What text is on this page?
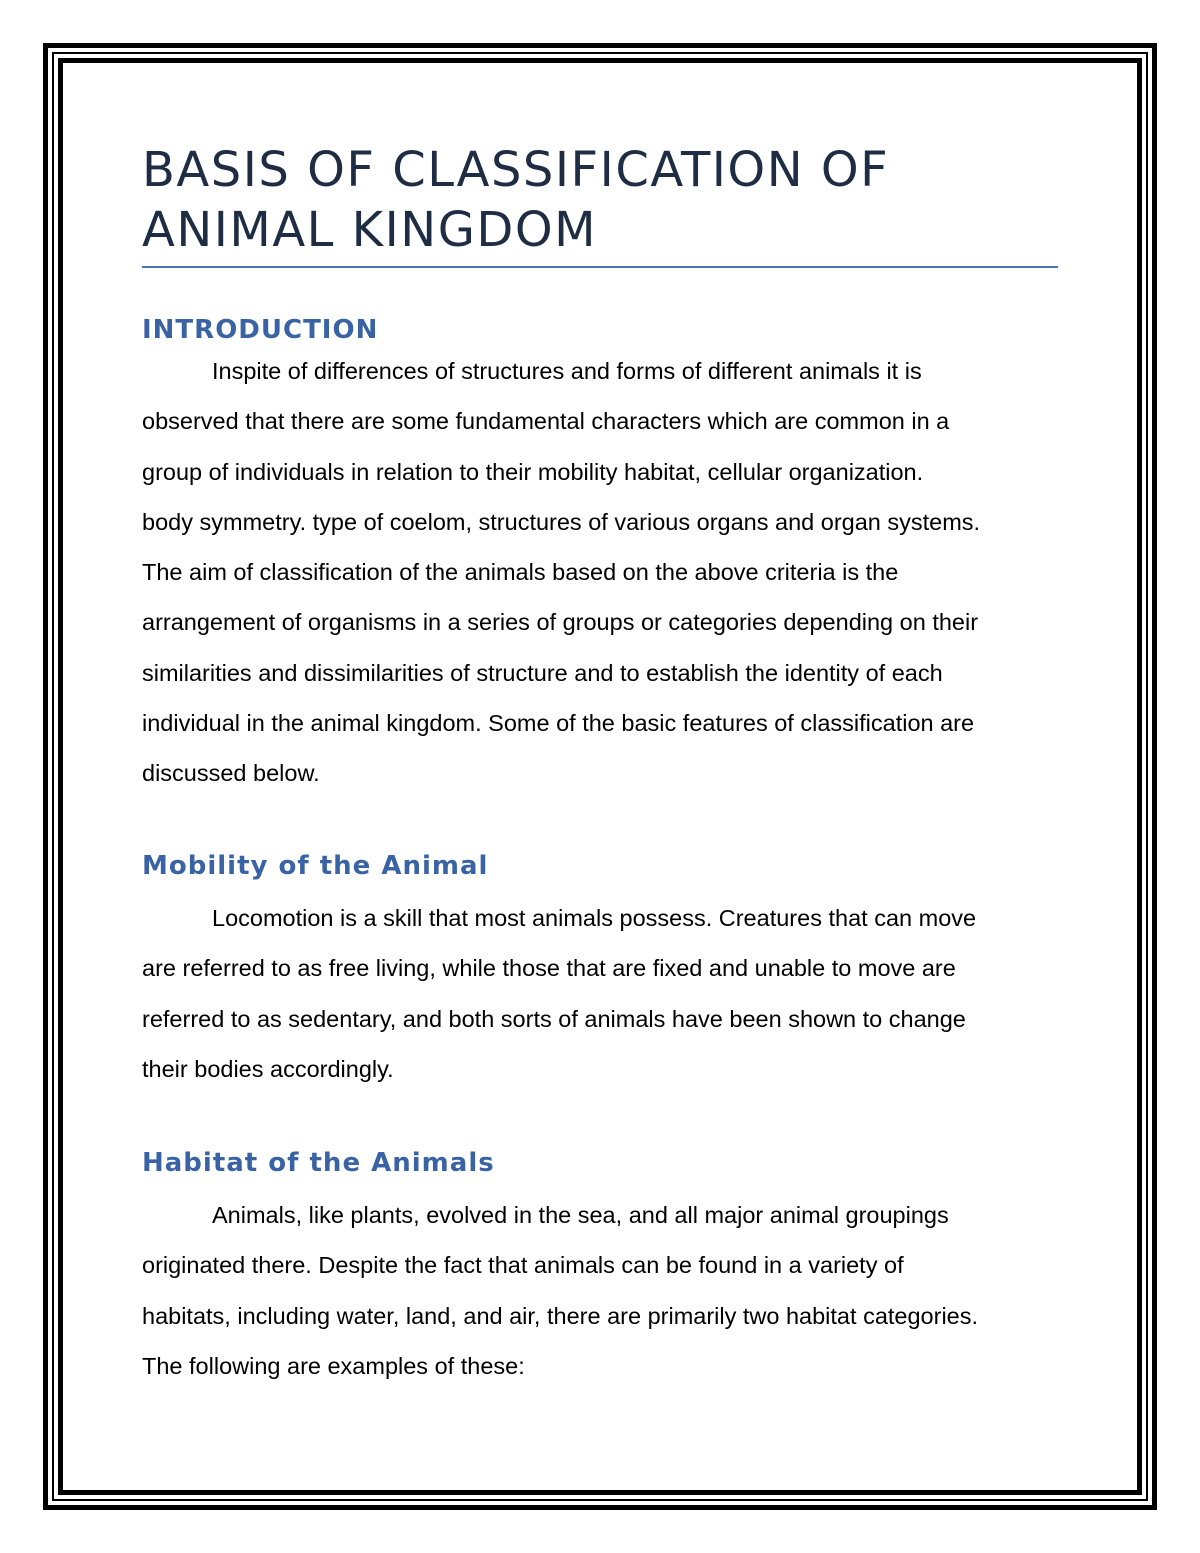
BASIS OF CLASSIFICATION OF
ANIMAL KINGDOM
INTRODUCTION

Inspite of differences of structures and forms of different animals it is
observed that there are some fundamental characters which are common in a
group of individuals in relation to their mobility habitat, cellular organization.
body symmetry. type of coelom, structures of various organs and organ systems.
The aim of classification of the animals based on the above criteria is the
arrangement of organisms in a series of groups or categories depending on their
similarities and dissimilarities of structure and to establish the identity of each
individual in the animal kingdom. Some of the basic features of classification are
discussed below.

Mobility of the Animal

Locomotion is a skill that most animals possess. Creatures that can move
are referred to as free living, while those that are fixed and unable to move are
referred to as sedentary, and both sorts of animals have been shown to change
their bodies accordingly.

Habitat of the Animals

Animals, like plants, evolved in the sea, and all major animal groupings
originated there. Despite the fact that animals can be found in a variety of
habitats, including water, land, and air, there are primarily two habitat categories.
The following are examples of these:
